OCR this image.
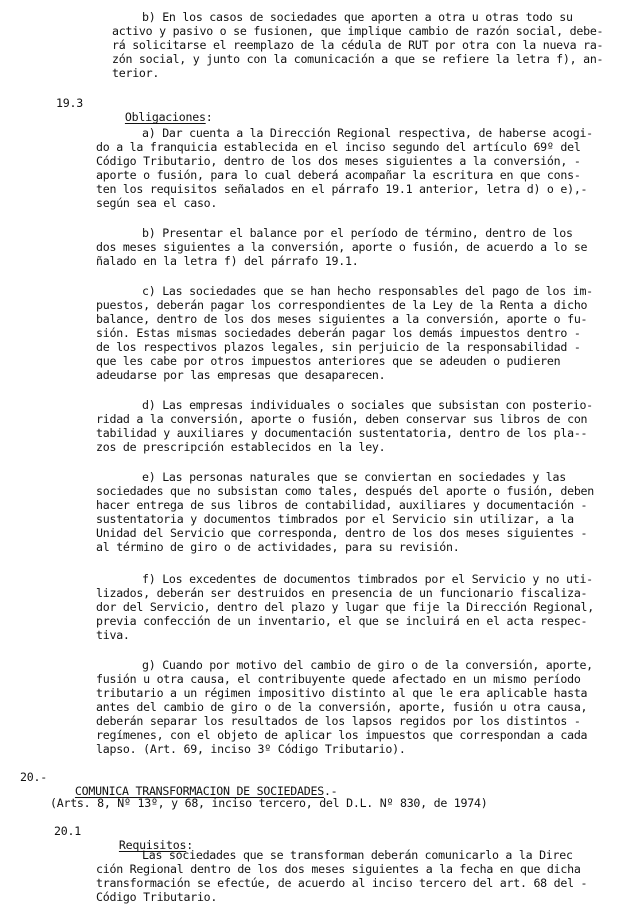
b) En los casos de sociedades que aporten a otra u otras todo su
activo y pasivo o se fusionen, que implique cambio de razón social, debe-
rá solicitarse el reemplazo de la cédula de RUT por otra con la nueva ra-
zón social, y junto con la comunicación a que se refiere la letra f), an-
terior.
19.3

Obligaciones:

a) Dar cuenta a la Dirección Regional respectiva, de haberse acogi-
do a la franquicia establecida en el inciso segundo del artículo 69º del
Código Tributario, dentro de los dos meses siguientes a la conversión, -
aporte o fusión, para lo cual deberá acompañar la escritura en que cons-
ten los requisitos señalados en el párrafo 19.1 anterior, letra d) o e),-
según sea el caso.
b) Presentar el balance por el período de término, dentro de los
dos meses siguientes a la conversión, aporte o fusión, de acuerdo a lo se
ñalado en la letra f) del párrafo 19.1.
c) Las sociedades que se han hecho responsables del pago de los im-
puestos, deberán pagar los correspondientes de la Ley de la Renta a dicho
balance, dentro de los dos meses siguientes a la conversión, aporte o fu-
sión. Estas mismas sociedades deberán pagar los demás impuestos dentro -
de los respectivos plazos legales, sin perjuicio de la responsabilidad -
que les cabe por otros impuestos anteriores que se adeuden o pudieren
adeudarse por las empresas que desaparecen.
d) Las empresas individuales o sociales que subsistan con posterio-
ridad a la conversión, aporte o fusión, deben conservar sus libros de con
tabilidad y auxiliares y documentación sustentatoria, dentro de los pla--
zos de prescripción establecidos en la ley.
e) Las personas naturales que se conviertan en sociedades y las
sociedades que no subsistan como tales, después del aporte o fusión, deben
hacer entrega de sus libros de contabilidad, auxiliares y documentación -
sustentatoria y documentos timbrados por el Servicio sin utilizar, a la
Unidad del Servicio que corresponda, dentro de los dos meses siguientes -
al término de giro o de actividades, para su revisión.
f) Los excedentes de documentos timbrados por el Servicio y no uti-
lizados, deberán ser destruidos en presencia de un funcionario fiscaliza-
dor del Servicio, dentro del plazo y lugar que fije la Dirección Regional,
previa confección de un inventario, el que se incluirá en el acta respec-
tiva.
g) Cuando por motivo del cambio de giro o de la conversión, aporte,
fusión u otra causa, el contribuyente quede afectado en un mismo período
tributario a un régimen impositivo distinto al que le era aplicable hasta
antes del cambio de giro o de la conversión, aporte, fusión u otra causa,
deberán separar los resultados de los lapsos regidos por los distintos -
regímenes, con el objeto de aplicar los impuestos que correspondan a cada
lapso. (Art. 69, inciso 3º Código Tributario).
20.-

COMUNICA TRANSFORMACION DE SOCIEDADES.-

(Arts. 8, Nº 13º, y 68, inciso tercero, del D.L. Nº 830, de 1974)
20.1

Requisitos:

Las sociedades que se transforman deberán comunicarlo a la Direc
ción Regional dentro de los dos meses siguientes a la fecha en que dicha
transformación se efectúe, de acuerdo al inciso tercero del art. 68 del -
Código Tributario.
